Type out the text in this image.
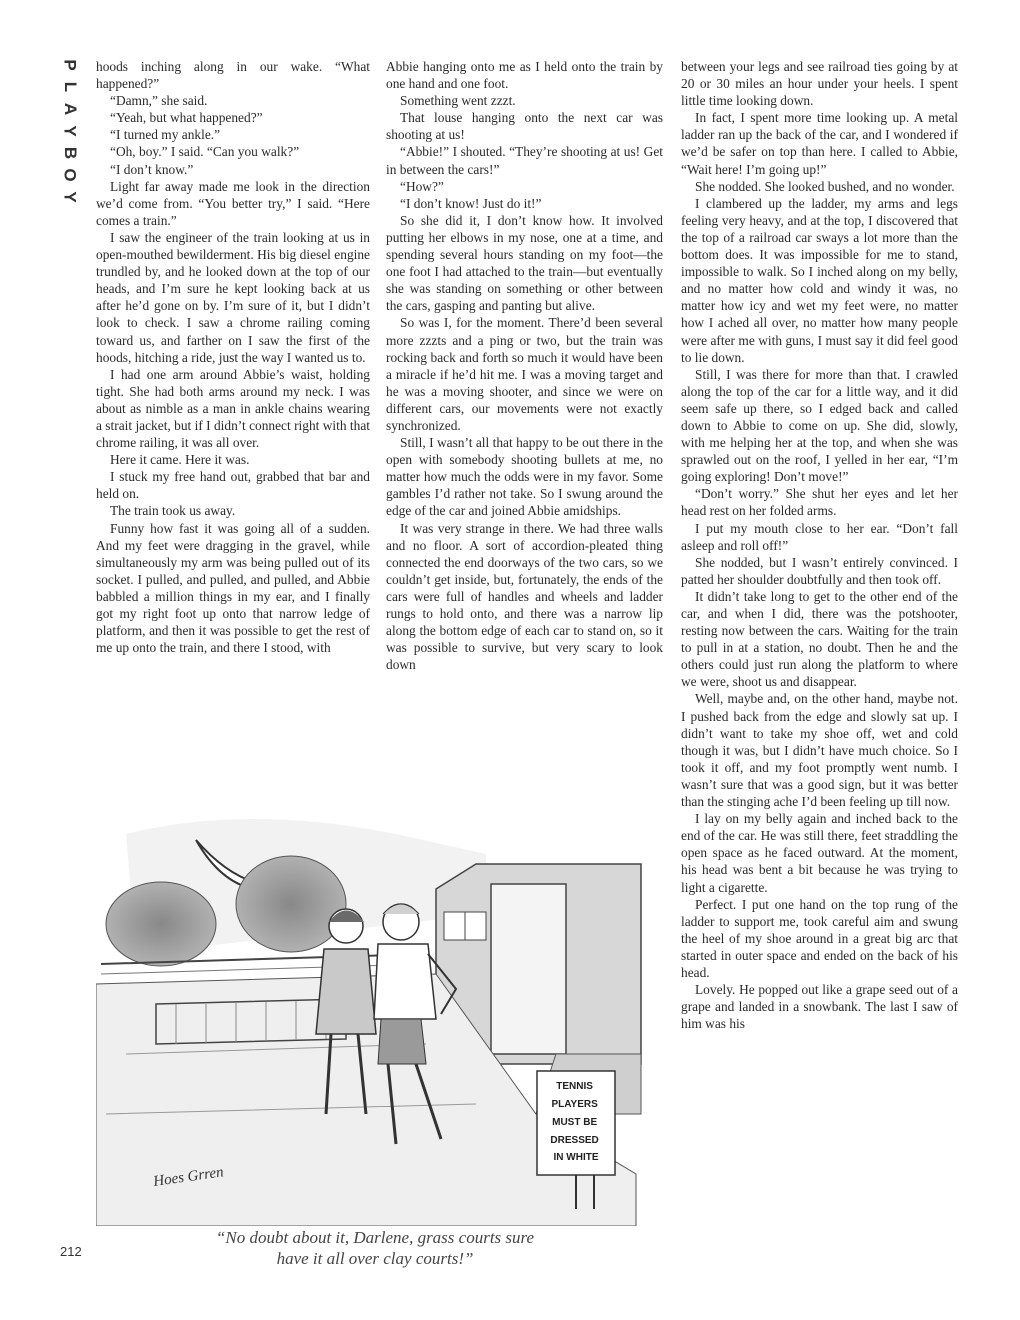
P
L
A
Y
B
O
Y

hoods inching along in our wake. “What happened?”

“Damn,” she said.

“Yeah, but what happened?”

“I turned my ankle.”

“Oh, boy.” I said. “Can you walk?”

“I don’t know.”

Light far away made me look in the direction we’d come from. “You better try,” I said. “Here comes a train.”

I saw the engineer of the train looking at us in open-mouthed bewilderment. His big diesel engine trundled by, and he looked down at the top of our heads, and I’m sure he kept looking back at us after he’d gone on by. I’m sure of it, but I didn’t look to check. I saw a chrome railing coming toward us, and farther on I saw the first of the hoods, hitching a ride, just the way I wanted us to.

I had one arm around Abbie’s waist, holding tight. She had both arms around my neck. I was about as nimble as a man in ankle chains wearing a strait jacket, but if I didn’t connect right with that chrome railing, it was all over.

Here it came. Here it was.

I stuck my free hand out, grabbed that bar and held on.

The train took us away.

Funny how fast it was going all of a sudden. And my feet were dragging in the gravel, while simultaneously my arm was being pulled out of its socket. I pulled, and pulled, and pulled, and Abbie babbled a million things in my ear, and I finally got my right foot up onto that narrow ledge of platform, and then it was possible to get the rest of me up onto the train, and there I stood, with

Abbie hanging onto me as I held onto the train by one hand and one foot.

Something went zzzt.

That louse hanging onto the next car was shooting at us!

“Abbie!” I shouted. “They’re shooting at us! Get in between the cars!”

“How?”

“I don’t know! Just do it!”

So she did it, I don’t know how. It involved putting her elbows in my nose, one at a time, and spending several hours standing on my foot—the one foot I had attached to the train—but eventually she was standing on something or other between the cars, gasping and panting but alive.

So was I, for the moment. There’d been several more zzzts and a ping or two, but the train was rocking back and forth so much it would have been a miracle if he’d hit me. I was a moving target and he was a moving shooter, and since we were on different cars, our movements were not exactly synchronized.

Still, I wasn’t all that happy to be out there in the open with somebody shooting bullets at me, no matter how much the odds were in my favor. Some gambles I’d rather not take. So I swung around the edge of the car and joined Abbie amidships.

It was very strange in there. We had three walls and no floor. A sort of accordion-pleated thing connected the end doorways of the two cars, so we couldn’t get inside, but, fortunately, the ends of the cars were full of handles and wheels and ladder rungs to hold onto, and there was a narrow lip along the bottom edge of each car to stand on, so it was possible to survive, but very scary to look down

between your legs and see railroad ties going by at 20 or 30 miles an hour under your heels. I spent little time looking down.

In fact, I spent more time looking up. A metal ladder ran up the back of the car, and I wondered if we’d be safer on top than here. I called to Abbie, “Wait here! I’m going up!”

She nodded. She looked bushed, and no wonder.

I clambered up the ladder, my arms and legs feeling very heavy, and at the top, I discovered that the top of a railroad car sways a lot more than the bottom does. It was impossible for me to stand, impossible to walk. So I inched along on my belly, and no matter how cold and windy it was, no matter how icy and wet my feet were, no matter how I ached all over, no matter how many people were after me with guns, I must say it did feel good to lie down.

Still, I was there for more than that. I crawled along the top of the car for a little way, and it did seem safe up there, so I edged back and called down to Abbie to come on up. She did, slowly, with me helping her at the top, and when she was sprawled out on the roof, I yelled in her ear, “I’m going exploring! Don’t move!”

“Don’t worry.” She shut her eyes and let her head rest on her folded arms.

I put my mouth close to her ear. “Don’t fall asleep and roll off!”

She nodded, but I wasn’t entirely convinced. I patted her shoulder doubtfully and then took off.

It didn’t take long to get to the other end of the car, and when I did, there was the potshooter, resting now between the cars. Waiting for the train to pull in at a station, no doubt. Then he and the others could just run along the platform to where we were, shoot us and disappear.

Well, maybe and, on the other hand, maybe not. I pushed back from the edge and slowly sat up. I didn’t want to take my shoe off, wet and cold though it was, but I didn’t have much choice. So I took it off, and my foot promptly went numb. I wasn’t sure that was a good sign, but it was better than the stinging ache I’d been feeling up till now.

I lay on my belly again and inched back to the end of the car. He was still there, feet straddling the open space as he faced outward. At the moment, his head was bent a bit because he was trying to light a cigarette.

Perfect. I put one hand on the top rung of the ladder to support me, took careful aim and swung the heel of my shoe around in a great big arc that started in outer space and ended on the back of his head.

Lovely. He popped out like a grape seed out of a grape and landed in a snowbank. The last I saw of him was his

TENNIS PLAYERS MUST BE DRESSED IN WHITE
Hoes Grren
“No doubt about it, Darlene, grass courts sure
have it all over clay courts!”
212
